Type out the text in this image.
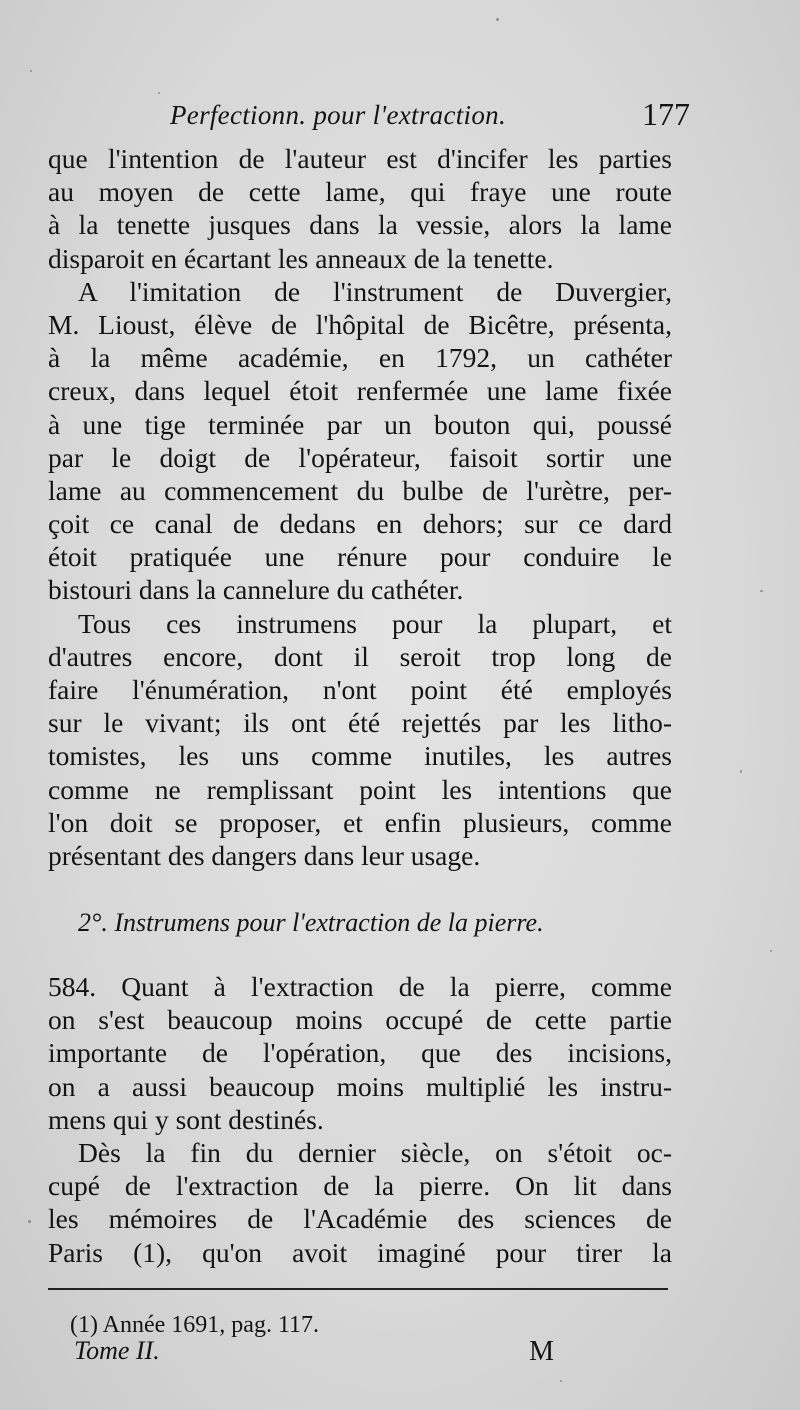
Perfectionn. pour l'extraction.	177
que l'intention de l'auteur est d'incifer les parties
au moyen de cette lame, qui fraye une route
à la tenette jusques dans la vessie, alors la lame
disparoit en écartant les anneaux de la tenette.
A l'imitation de l'instrument de Duvergier,
M. Lioust, élève de l'hôpital de Bicêtre, présenta,
à la même académie, en 1792, un cathéter
creux, dans lequel étoit renfermée une lame fixée
à une tige terminée par un bouton qui, poussé
par le doigt de l'opérateur, faisoit sortir une
lame au commencement du bulbe de l'urètre, per-
çoit ce canal de dedans en dehors; sur ce dard
étoit pratiquée une rénure pour conduire le
bistouri dans la cannelure du cathéter.
Tous ces instrumens pour la plupart, et
d'autres encore, dont il seroit trop long de
faire l'énumération, n'ont point été employés
sur le vivant; ils ont été rejettés par les litho-
tomistes, les uns comme inutiles, les autres
comme ne remplissant point les intentions que
l'on doit se proposer, et enfin plusieurs, comme
présentant des dangers dans leur usage.
2°. Instrumens pour l'extraction de la pierre.
584. Quant à l'extraction de la pierre, comme
on s'est beaucoup moins occupé de cette partie
importante de l'opération, que des incisions,
on a aussi beaucoup moins multiplié les instru-
mens qui y sont destinés.
Dès la fin du dernier siècle, on s'étoit oc-
cupé de l'extraction de la pierre. On lit dans
les mémoires de l'Académie des sciences de
Paris (1), qu'on avoit imaginé pour tirer la
(1) Année 1691, pag. 117.
Tome II.	M
